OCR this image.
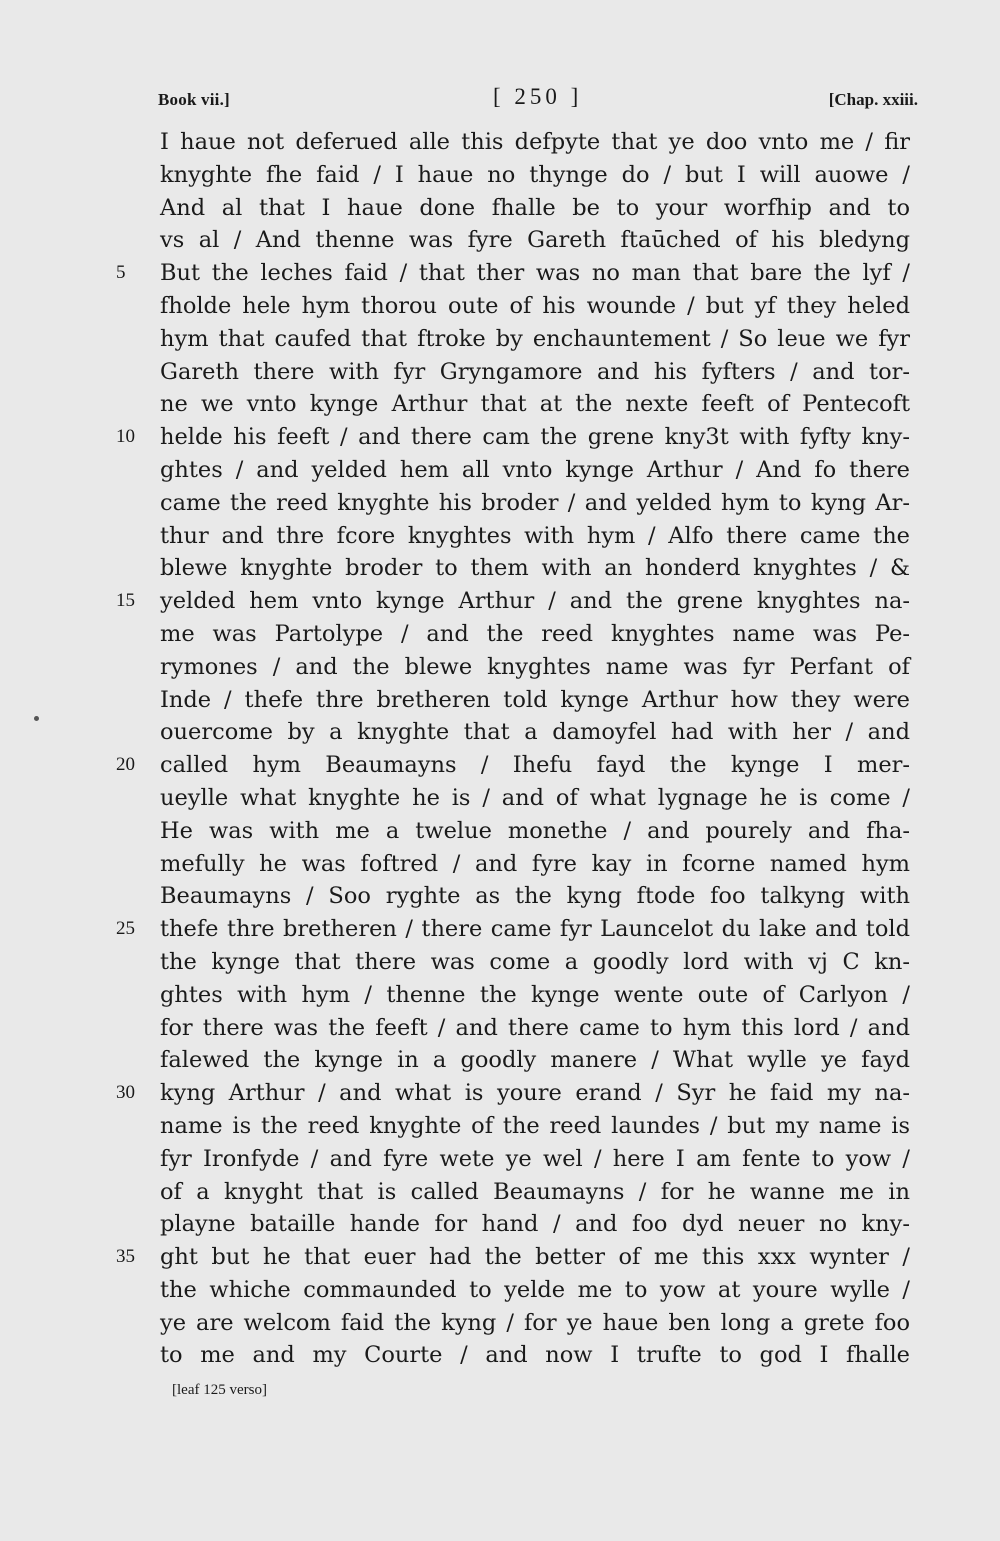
Book vii.]	[ 250 ]	[Chap. xxiii.
I haue not deferued alle this defpyte that ye doo vnto me / fir
knyghte fhe faid / I haue no thynge do / but I will auowe /
And al that I haue done fhalle be to your worfhip and to
vs al / And thenne was fyre Gareth ftaūched of his bledyng
5	But the leches faid / that ther was no man that bare the lyf /
fholde hele hym thorou oute of his wounde / but yf they heled
hym that caufed that ftroke by enchauntement / So leue we fyr
Gareth there with fyr Gryngamore and his fyfters / and tor-
ne we vnto kynge Arthur that at the nexte feeft of Pentecoft
10	helde his feeft / and there cam the grene kny3t with fyfty kny-
ghtes / and yelded hem all vnto kynge Arthur / And fo there
came the reed knyghte his broder / and yelded hym to kyng Ar-
thur and thre fcore knyghtes with hym / Alfo there came the
blewe knyghte broder to them with an honderd knyghtes / &
15	yelded hem vnto kynge Arthur / and the grene knyghtes na-
me was Partolype / and the reed knyghtes name was Pe-
rymones / and the blewe knyghtes name was fyr Perfant of
Inde / thefe thre bretheren told kynge Arthur how they were
ouercome by a knyghte that a damoyfel had with her / and
20	called hym Beaumayns / Ihefu fayd the kynge I mer-
ueylle what knyghte he is / and of what lygnage he is come /
He was with me a twelue monethe / and pourely and fha-
mefully he was foftred / and fyre kay in fcorne named hym
Beaumayns / Soo ryghte as the kyng ftode foo talkyng with
25	thefe thre bretheren / there came fyr Launcelot du lake and told
the kynge that there was come a goodly lord with vj C kn-
ghtes with hym / thenne the kynge wente oute of Carlyon /
for there was the feeft / and there came to hym this lord / and
falewed the kynge in a goodly manere / What wylle ye fayd
30	kyng Arthur / and what is youre erand / Syr he faid my na-
name is the reed knyghte of the reed laundes / but my name is
fyr Ironfyde / and fyre wete ye wel / here I am fente to yow /
of a knyght that is called Beaumayns / for he wanne me in
playne bataille hande for hand / and foo dyd neuer no kny-
35	ght but he that euer had the better of me this xxx wynter /
the whiche commaunded to yelde me to yow at youre wylle /
ye are welcom faid the kyng / for ye haue ben long a grete foo
to me and my Courte / and now I trufte to god I fhalle
[leaf 125 verso]
